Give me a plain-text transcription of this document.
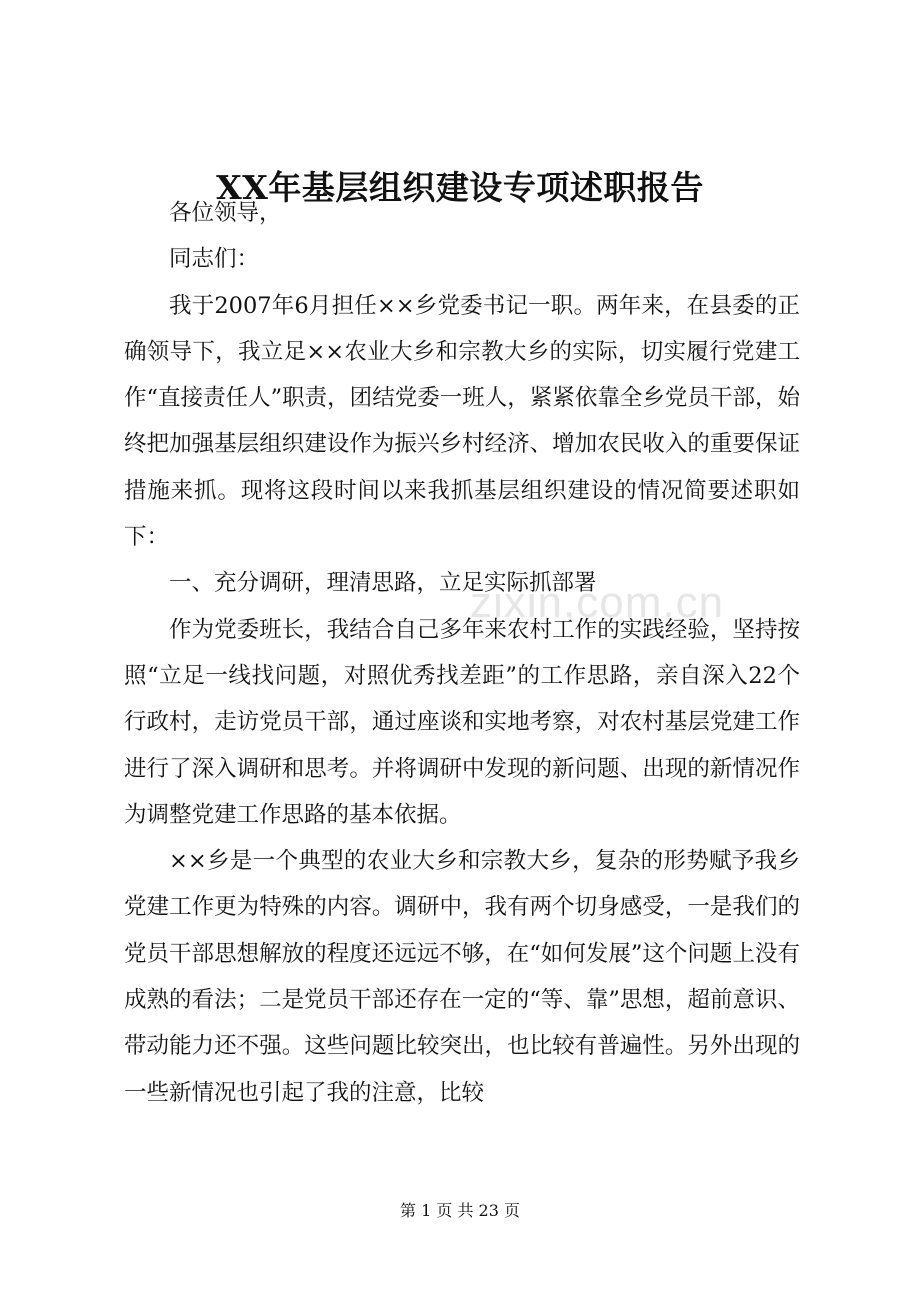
zixin.com.cn
XX年基层组织建设专项述职报告

各位领导，

同志们：

我于2007年6月担任××乡党委书记一职。两年来，在县委的正确领导下，我立足××农业大乡和宗教大乡的实际，切实履行党建工作“直接责任人”职责，团结党委一班人，紧紧依靠全乡党员干部，始终把加强基层组织建设作为振兴乡村经济、增加农民收入的重要保证措施来抓。现将这段时间以来我抓基层组织建设的情况简要述职如下：

一、充分调研，理清思路，立足实际抓部署

作为党委班长，我结合自己多年来农村工作的实践经验，坚持按照“立足一线找问题，对照优秀找差距”的工作思路，亲自深入22个行政村，走访党员干部，通过座谈和实地考察，对农村基层党建工作进行了深入调研和思考。并将调研中发现的新问题、出现的新情况作为调整党建工作思路的基本依据。

××乡是一个典型的农业大乡和宗教大乡，复杂的形势赋予我乡党建工作更为特殊的内容。调研中，我有两个切身感受，一是我们的党员干部思想解放的程度还远远不够，在“如何发展”这个问题上没有成熟的看法；二是党员干部还存在一定的“等、靠”思想，超前意识、带动能力还不强。这些问题比较突出，也比较有普遍性。另外出现的一些新情况也引起了我的注意，比较

第 1 页 共 23 页
